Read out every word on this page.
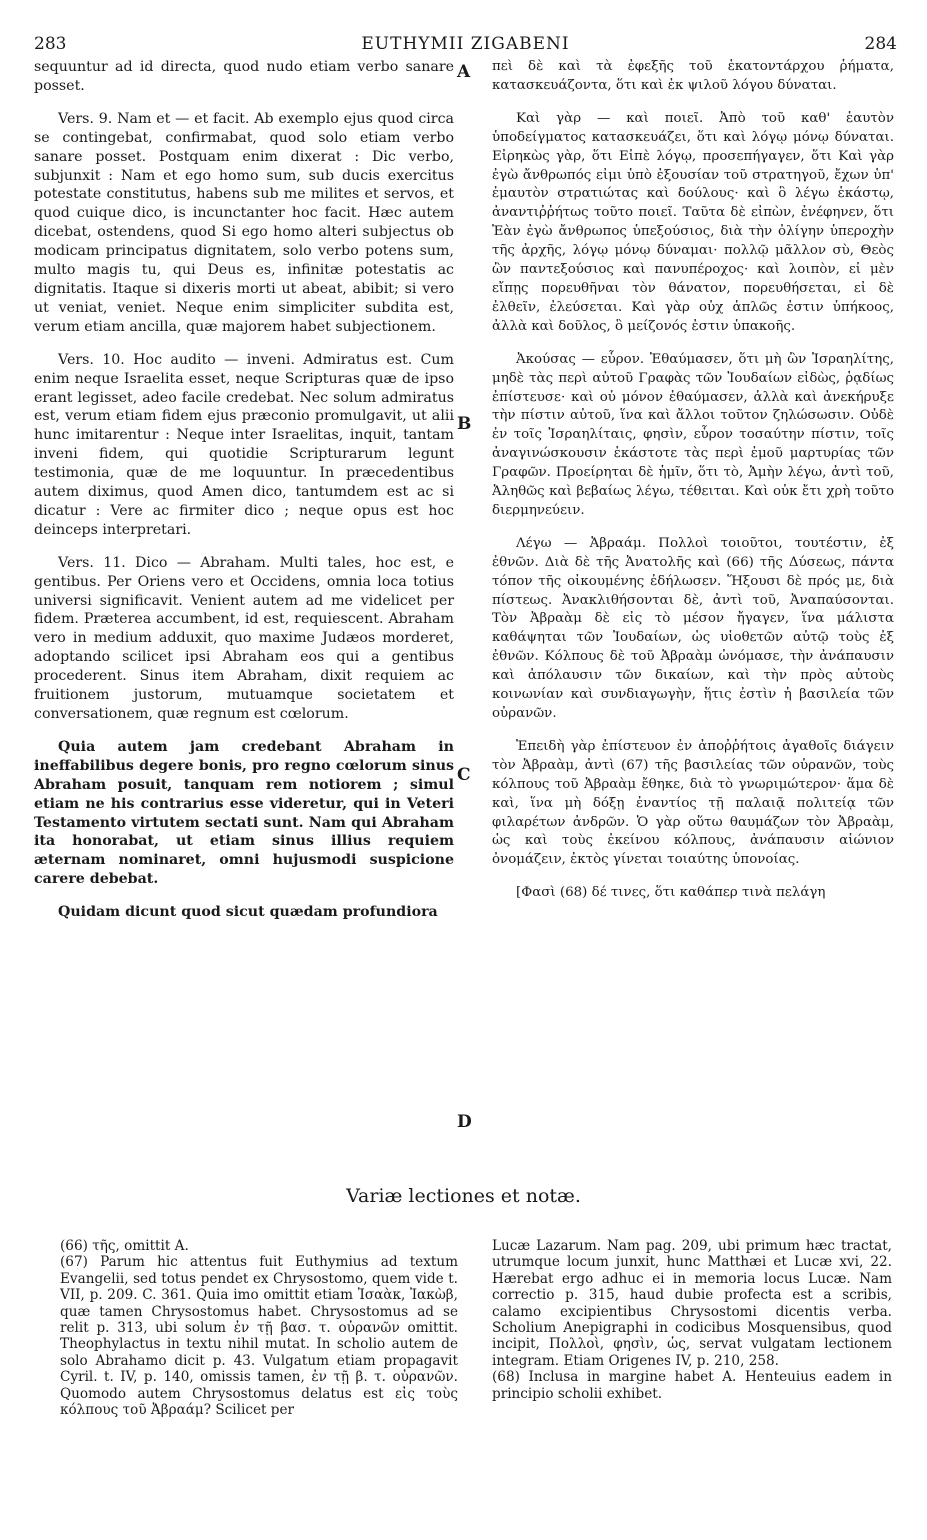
283	EUTHYMII ZIGABENI	284

sequuntur ad id directa, quod nudo etiam verbo sanare posset.

Vers. 9. Nam et — et facit. Ab exemplo ejus quod circa se contingebat, confirmabat, quod solo etiam verbo sanare posset. Postquam enim dixerat : Dic verbo, subjunxit : Nam et ego homo sum, sub ducis exercitus potestate constitutus, habens sub me milites et servos, et quod cuique dico, is incunctanter hoc facit. Hæc autem dicebat, ostendens, quod Si ego homo alteri subjectus ob modicam principatus dignitatem, solo verbo potens sum, multo magis tu, qui Deus es, infinitæ potestatis ac dignitatis. Itaque si dixeris morti ut abeat, abibit; si vero ut veniat, veniet. Neque enim simpliciter subdita est, verum etiam ancilla, quæ majorem habet subjectionem.

Vers. 10. Hoc audito — inveni. Admiratus est. Cum enim neque Israelita esset, neque Scripturas quæ de ipso erant legisset, adeo facile credebat. Nec solum admiratus est, verum etiam fidem ejus præconio promulgavit, ut alii hunc imitarentur : Neque inter Israelitas, inquit, tantam inveni fidem, qui quotidie Scripturarum legunt testimonia, quæ de me loquuntur. In præcedentibus autem diximus, quod Amen dico, tantumdem est ac si dicatur : Vere ac firmiter dico ; neque opus est hoc deinceps interpretari.

Vers. 11. Dico — Abraham. Multi tales, hoc est, e gentibus. Per Oriens vero et Occidens, omnia loca totius universi significavit. Venient autem ad me videlicet per fidem. Præterea accumbent, id est, requiescent. Abraham vero in medium adduxit, quo maxime Judæos morderet, adoptando scilicet ipsi Abraham eos qui a gentibus procederent. Sinus item Abraham, dixit requiem ac fruitionem justorum, mutuamque societatem et conversationem, quæ regnum est cœlorum.

Quia autem jam credebant Abraham in ineffabilibus degere bonis, pro regno cœlorum sinus Abraham posuit, tanquam rem notiorem ; simul etiam ne his contrarius esse videretur, qui in Veteri Testamento virtutem sectati sunt. Nam qui Abraham ita honorabat, ut etiam sinus illius requiem æternam nominaret, omni hujusmodi suspicione carere debebat.

Quidam dicunt quod sicut quædam profundiora

πεὶ δὲ καὶ τὰ ἐφεξῆς τοῦ ἑκατοντάρχου ῥήματα, κατασκευάζοντα, ὅτι καὶ ἐκ ψιλοῦ λόγου δύναται.

Καὶ γὰρ — καὶ ποιεῖ. Ἀπὸ τοῦ καθ' ἑαυτὸν ὑποδείγματος κατασκευάζει, ὅτι καὶ λόγῳ μόνῳ δύναται. Εἰρηκὼς γὰρ, ὅτι Εἰπὲ λόγῳ, προσεπήγαγεν, ὅτι Καὶ γὰρ ἐγὼ ἄνθρωπός εἰμι ὑπὸ ἐξουσίαν τοῦ στρατηγοῦ, ἔχων ὑπ' ἐμαυτὸν στρατιώτας καὶ δούλους· καὶ ὃ λέγω ἑκάστῳ, ἀναντιῤῥήτως τοῦτο ποιεῖ. Ταῦτα δὲ εἰπὼν, ἐνέφηνεν, ὅτι Ἐὰν ἐγὼ ἄνθρωπος ὑπεξούσιος, διὰ τὴν ὀλίγην ὑπεροχὴν τῆς ἀρχῆς, λόγῳ μόνῳ δύναμαι· πολλῷ μᾶλλον σὺ, Θεὸς ὢν παντεξούσιος καὶ πανυπέροχος· καὶ λοιπὸν, εἰ μὲν εἴπῃς πορευθῆναι τὸν θάνατον, πορευθήσεται, εἰ δὲ ἐλθεῖν, ἐλεύσεται. Καὶ γὰρ οὐχ ἁπλῶς ἐστιν ὑπήκοος, ἀλλὰ καὶ δοῦλος, ὃ μείζονός ἐστιν ὑπακοῆς.

Ἀκούσας — εὗρον. Ἐθαύμασεν, ὅτι μὴ ὢν Ἰσραηλίτης, μηδὲ τὰς περὶ αὐτοῦ Γραφὰς τῶν Ἰουδαίων εἰδὼς, ῥᾳδίως ἐπίστευσε· καὶ οὐ μόνον ἐθαύμασεν, ἀλλὰ καὶ ἀνεκήρυξε τὴν πίστιν αὐτοῦ, ἵνα καὶ ἄλλοι τοῦτον ζηλώσωσιν. Οὐδὲ ἐν τοῖς Ἰσραηλίταις, φησὶν, εὗρον τοσαύτην πίστιν, τοῖς ἀναγινώσκουσιν ἑκάστοτε τὰς περὶ ἐμοῦ μαρτυρίας τῶν Γραφῶν. Προείρηται δὲ ἡμῖν, ὅτι τὸ, Ἀμὴν λέγω, ἀντὶ τοῦ, Ἀληθῶς καὶ βεβαίως λέγω, τέθειται. Καὶ οὐκ ἔτι χρὴ τοῦτο διερμηνεύειν.

Λέγω — Ἀβραάμ. Πολλοὶ τοιοῦτοι, τουτέστιν, ἐξ ἐθνῶν. Διὰ δὲ τῆς Ἀνατολῆς καὶ (66) τῆς Δύσεως, πάντα τόπον τῆς οἰκουμένης ἐδήλωσεν. Ἥξουσι δὲ πρός με, διὰ πίστεως. Ἀνακλιθήσονται δὲ, ἀντὶ τοῦ, Ἀναπαύσονται. Τὸν Ἀβραὰμ δὲ εἰς τὸ μέσον ἤγαγεν, ἵνα μάλιστα καθάψηται τῶν Ἰουδαίων, ὡς υἱοθετῶν αὐτῷ τοὺς ἐξ ἐθνῶν. Κόλπους δὲ τοῦ Ἀβραὰμ ὠνόμασε, τὴν ἀνάπαυσιν καὶ ἀπόλαυσιν τῶν δικαίων, καὶ τὴν πρὸς αὐτοὺς κοινωνίαν καὶ συνδιαγωγὴν, ἥτις ἐστὶν ἡ βασιλεία τῶν οὐρανῶν.

Ἐπειδὴ γὰρ ἐπίστευον ἐν ἀποῤῥήτοις ἀγαθοῖς διάγειν τὸν Ἀβραὰμ, ἀντὶ (67) τῆς βασιλείας τῶν οὐρανῶν, τοὺς κόλπους τοῦ Ἀβραὰμ ἔθηκε, διὰ τὸ γνωριμώτερον· ἅμα δὲ καὶ, ἵνα μὴ δόξῃ ἐναντίος τῇ παλαιᾷ πολιτείᾳ τῶν φιλαρέτων ἀνδρῶν. Ὁ γὰρ οὕτω θαυμάζων τὸν Ἀβραὰμ, ὡς καὶ τοὺς ἐκείνου κόλπους, ἀνάπαυσιν αἰώνιον ὀνομάζειν, ἐκτὸς γίνεται τοιαύτης ὑπονοίας.

[Φασὶ (68) δέ τινες, ὅτι καθάπερ τινὰ πελάγη

A
B
C
D
Variæ lectiones et notæ.

(66) τῆς, omittit A.

(67) Parum hic attentus fuit Euthymius ad textum Evangelii, sed totus pendet ex Chrysostomo, quem vide t. VII, p. 209. C. 361. Quia imo omittit etiam Ἰσαὰκ, Ἰακὼβ, quæ tamen Chrysostomus habet. Chrysostomus ad se relit p. 313, ubi solum ἐν τῇ βασ. τ. οὐρανῶν omittit. Theophylactus in textu nihil mutat. In scholio autem de solo Abrahamo dicit p. 43. Vulgatum etiam propagavit Cyril. t. IV, p. 140, omissis tamen, ἐν τῇ β. τ. οὐρανῶν. Quomodo autem Chrysostomus delatus est εἰς τοὺς κόλπους τοῦ Ἀβραάμ? Scilicet per

Lucæ Lazarum. Nam pag. 209, ubi primum hæc tractat, utrumque locum junxit, hunc Matthæi et Lucæ xvi, 22. Hærebat ergo adhuc ei in memoria locus Lucæ. Nam correctio p. 315, haud dubie profecta est a scribis, calamo excipientibus Chrysostomi dicentis verba. Scholium Anepigraphi in codicibus Mosquensibus, quod incipit, Πολλοὶ, φησὶν, ὡς, servat vulgatam lectionem integram. Etiam Origenes IV, p. 210, 258.

(68) Inclusa in margine habet A. Henteuius eadem in principio scholii exhibet.
